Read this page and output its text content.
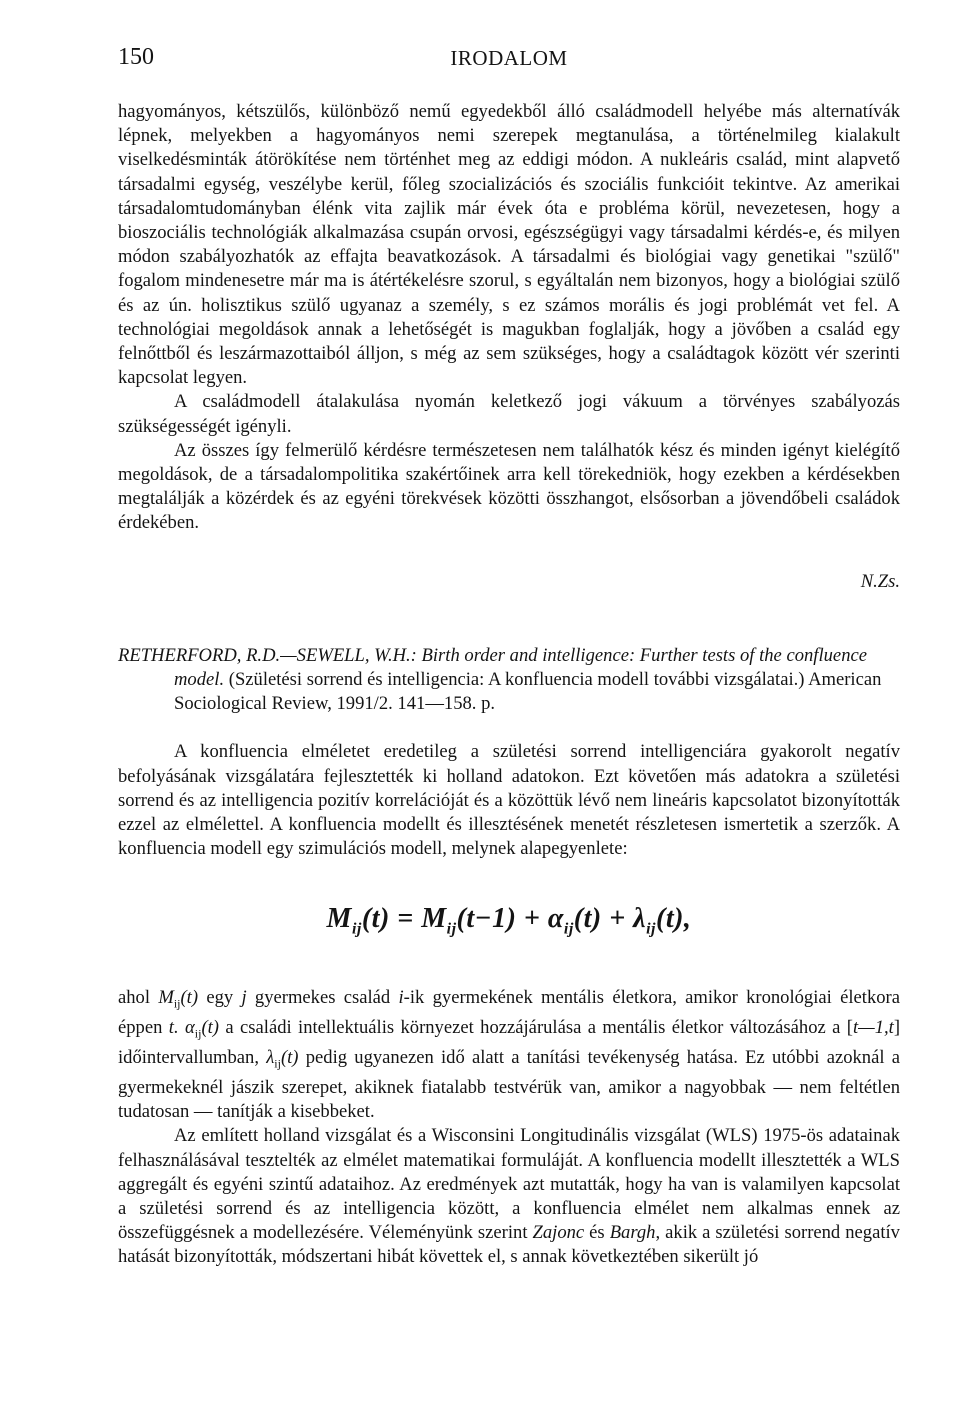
150	IRODALOM

hagyományos, kétszülős, különböző nemű egyedekből álló családmodell helyébe más alternatívák lépnek, melyekben a hagyományos nemi szerepek megtanulása, a történelmileg kialakult viselkedésminták átörökítése nem történhet meg az eddigi módon. A nukleáris család, mint alapvető társadalmi egység, veszélybe kerül, főleg szocializációs és szociális funkcióit tekintve. Az amerikai társadalomtudományban élénk vita zajlik már évek óta e probléma körül, nevezetesen, hogy a bioszociális technológiák alkalmazása csupán orvosi, egészségügyi vagy társadalmi kérdés-e, és milyen módon szabályozhatók az effajta beavatkozások. A társadalmi és biológiai vagy genetikai "szülő" fogalom mindenesetre már ma is átértékelésre szorul, s egyáltalán nem bizonyos, hogy a biológiai szülő és az ún. holisztikus szülő ugyanaz a személy, s ez számos morális és jogi problémát vet fel. A technológiai megoldások annak a lehetőségét is magukban foglalják, hogy a jövőben a család egy felnőttből és leszármazottaiból álljon, s még az sem szükséges, hogy a családtagok között vér szerinti kapcsolat legyen.

A családmodell átalakulása nyomán keletkező jogi vákuum a törvényes szabályozás szükségességét igényli.

Az összes így felmerülő kérdésre természetesen nem találhatók kész és minden igényt kielégítő megoldások, de a társadalompolitika szakértőinek arra kell törekedniök, hogy ezekben a kérdésekben megtalálják a közérdek és az egyéni törekvések közötti összhangot, elsősorban a jövendőbeli családok érdekében.

N.Zs.

RETHERFORD, R.D.—SEWELL, W.H.: Birth order and intelligence: Further tests of the confluence model. (Születési sorrend és intelligencia: A konfluencia modell további vizsgálatai.) American Sociological Review, 1991/2. 141—158. p.

A konfluencia elméletet eredetileg a születési sorrend intelligenciára gyakorolt negatív befolyásának vizsgálatára fejlesztették ki holland adatokon. Ezt követően más adatokra a születési sorrend és az intelligencia pozitív korrelációját és a közöttük lévő nem lineáris kapcsolatot bizonyították ezzel az elmélettel. A konfluencia modellt és illesztésének menetét részletesen ismertetik a szerzők. A konfluencia modell egy szimulációs modell, melynek alapegyenlete:

$M_{ij}(t) = M_{ij}(t-1) + \alpha_{ij}(t) + \lambda_{ij}(t)$,

ahol $M_{ij}(t)$ egy j gyermekes család i-ik gyermekének mentális életkora, amikor kronológiai életkora éppen t. $\alpha_{ij}(t)$ a családi intellektuális környezet hozzájárulása a mentális életkor változásához a [t—1,t] időintervallumban, $\lambda_{ij}(t)$ pedig ugyanezen idő alatt a tanítási tevékenység hatása. Ez utóbbi azoknál a gyermekeknél jászik szerepet, akiknek fiatalabb testvérük van, amikor a nagyobbak — nem feltétlen tudatosan — tanítják a kisebbeket.

Az említett holland vizsgálat és a Wisconsini Longitudinális vizsgálat (WLS) 1975-ös adatainak felhasználásával tesztelték az elmélet matematikai formuláját. A konfluencia modellt illesztették a WLS aggregált és egyéni szintű adataihoz. Az eredmények azt mutatták, hogy ha van is valamilyen kapcsolat a születési sorrend és az intelligencia között, a konfluencia elmélet nem alkalmas ennek az összefüggésnek a modellezésére. Véleményünk szerint Zajonc és Bargh, akik a születési sorrend negatív hatását bizonyították, módszertani hibát követtek el, s annak következtében sikerült jó
